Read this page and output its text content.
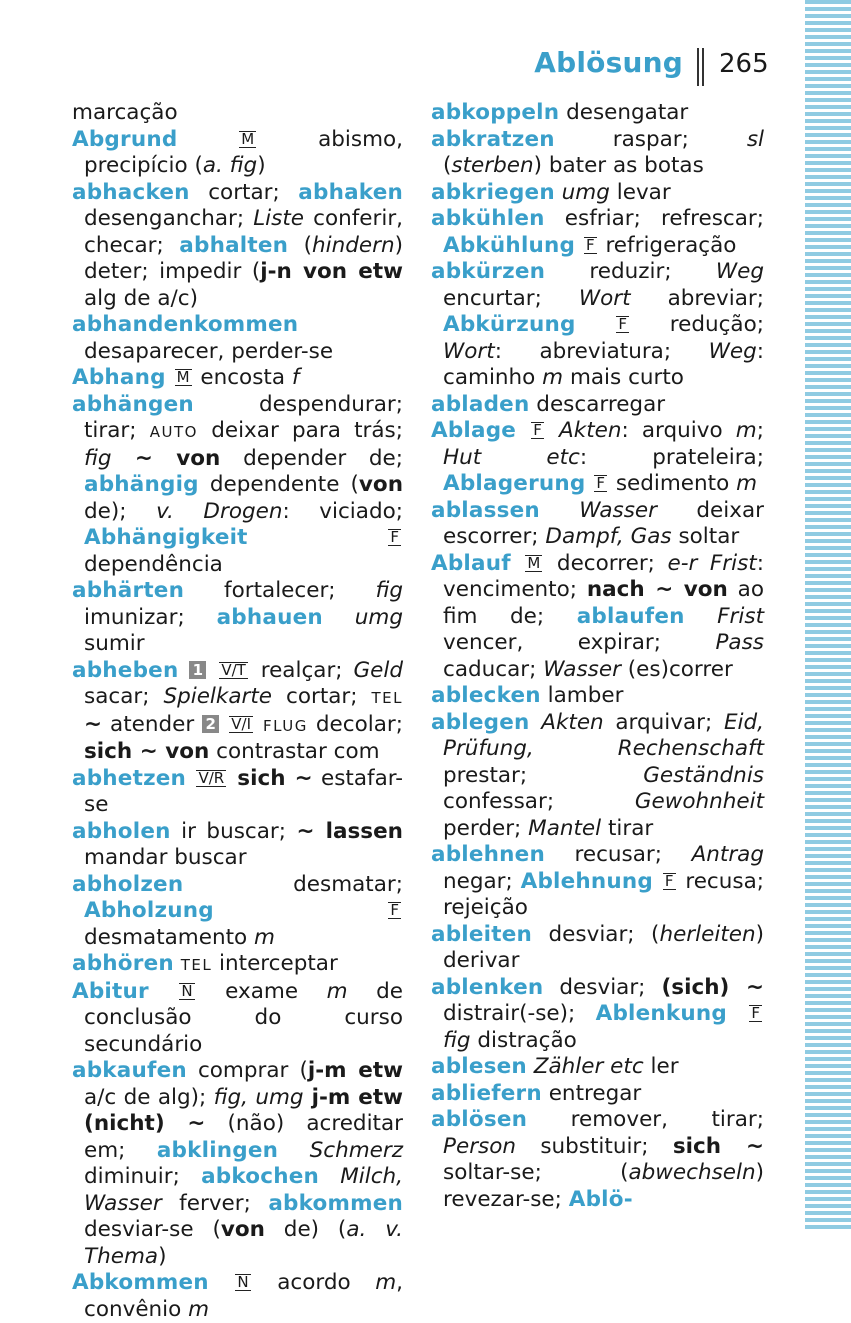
Ablösung 265

marcação

Abgrund	M abismo, precipício (a. fig)

abhacken cortar; abhaken desenganchar; Liste conferir, checar; abhalten (hindern) deter; impedir (j-n von etw alg de a/c)

abhandenkommen desaparecer, perder-se

Abhang M encosta f

abhängen despendurar; tirar; AUTO deixar para trás; fig ~ von depender de; abhängig dependente (von de); v. Drogen: viciado; Abhängigkeit	F dependência

abhärten fortalecer; fig imunizar; abhauen umg sumir

abheben 1 V/T realçar; Geld sacar; Spielkarte cortar; TEL ~ atender 2 V/I FLUG decolar; sich ~ von contrastar com

abhetzen V/R sich ~ estafar-se

abholen ir buscar; ~ lassen mandar buscar

abholzen desmatar; Abholzung	F desmatamento m

abhören TEL interceptar

Abitur N exame m de conclusão do curso secundário

abkaufen comprar (j-m etw a/c de alg); fig, umg j-m etw (nicht) ~ (não) acreditar em; abklingen Schmerz diminuir; abkochen Milch, Wasser ferver; abkommen desviar-se (von de) (a. v. Thema)

Abkommen N acordo m, convênio m

abkoppeln desengatar

abkratzen raspar; sl (sterben) bater as botas

abkriegen umg levar

abkühlen esfriar; refrescar; Abkühlung F refrigeração

abkürzen reduzir; Weg encurtar; Wort abreviar; Abkürzung	F redução; Wort: abreviatura; Weg: caminho m mais curto

abladen descarregar

Ablage F Akten: arquivo m; Hut etc: prateleira; Ablagerung F sedimento m

ablassen Wasser deixar escorrer; Dampf, Gas soltar

Ablauf M decorrer; e-r Frist: vencimento; nach ~ von ao fim de; ablaufen Frist vencer, expirar; Pass caducar; Wasser (es)correr

ablecken lamber

ablegen Akten arquivar; Eid, Prüfung, Rechenschaft prestar; Geständnis confessar; Gewohnheit perder; Mantel tirar

ablehnen recusar; Antrag negar; Ablehnung F recusa; rejeição

ableiten desviar; (herleiten) derivar

ablenken desviar; (sich) ~ distrair(-se); Ablenkung F fig distração

ablesen Zähler etc ler

abliefern entregar

ablösen remover, tirar; Person substituir; sich ~ soltar-se; (abwechseln) revezar-se; Ablö-
